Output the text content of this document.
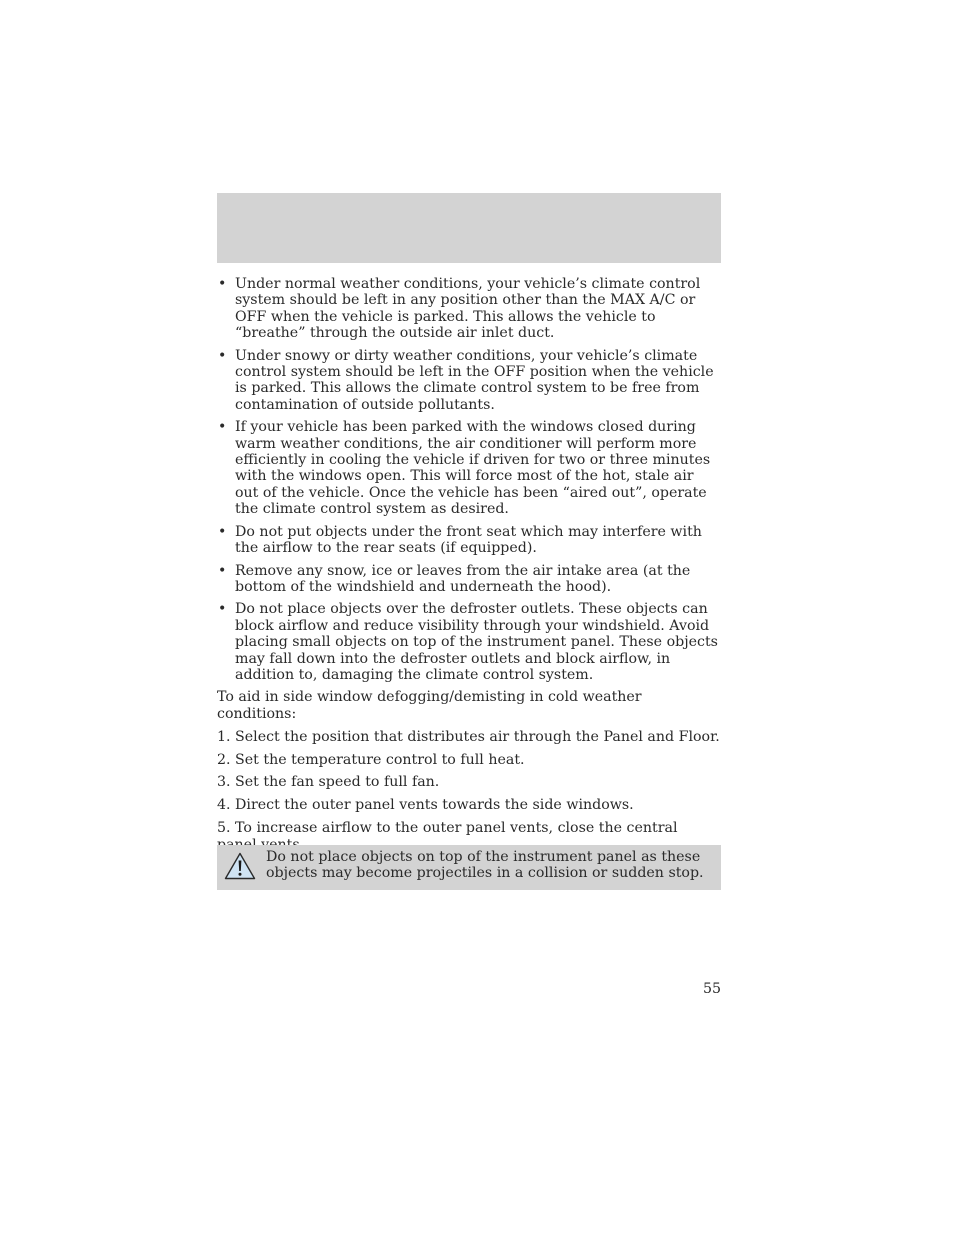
• Under normal weather conditions, your vehicle’s climate control system should be left in any position other than the MAX A/C or OFF when the vehicle is parked. This allows the vehicle to “breathe” through the outside air inlet duct.
• Under snowy or dirty weather conditions, your vehicle’s climate control system should be left in the OFF position when the vehicle is parked. This allows the climate control system to be free from contamination of outside pollutants.
• If your vehicle has been parked with the windows closed during warm weather conditions, the air conditioner will perform more efficiently in cooling the vehicle if driven for two or three minutes with the windows open. This will force most of the hot, stale air out of the vehicle. Once the vehicle has been “aired out”, operate the climate control system as desired.
• Do not put objects under the front seat which may interfere with the airflow to the rear seats (if equipped).
• Remove any snow, ice or leaves from the air intake area (at the bottom of the windshield and underneath the hood).
• Do not place objects over the defroster outlets. These objects can block airflow and reduce visibility through your windshield. Avoid placing small objects on top of the instrument panel. These objects may fall down into the defroster outlets and block airflow, in addition to, damaging the climate control system.

To aid in side window defogging/demisting in cold weather conditions:

1. Select the position that distributes air through the Panel and Floor.

2. Set the temperature control to full heat.

3. Set the fan speed to full fan.

4. Direct the outer panel vents towards the side windows.

5. To increase airflow to the outer panel vents, close the central

Do not place objects on top of the instrument panel as these objects may become projectiles in a collision or sudden stop.
55
